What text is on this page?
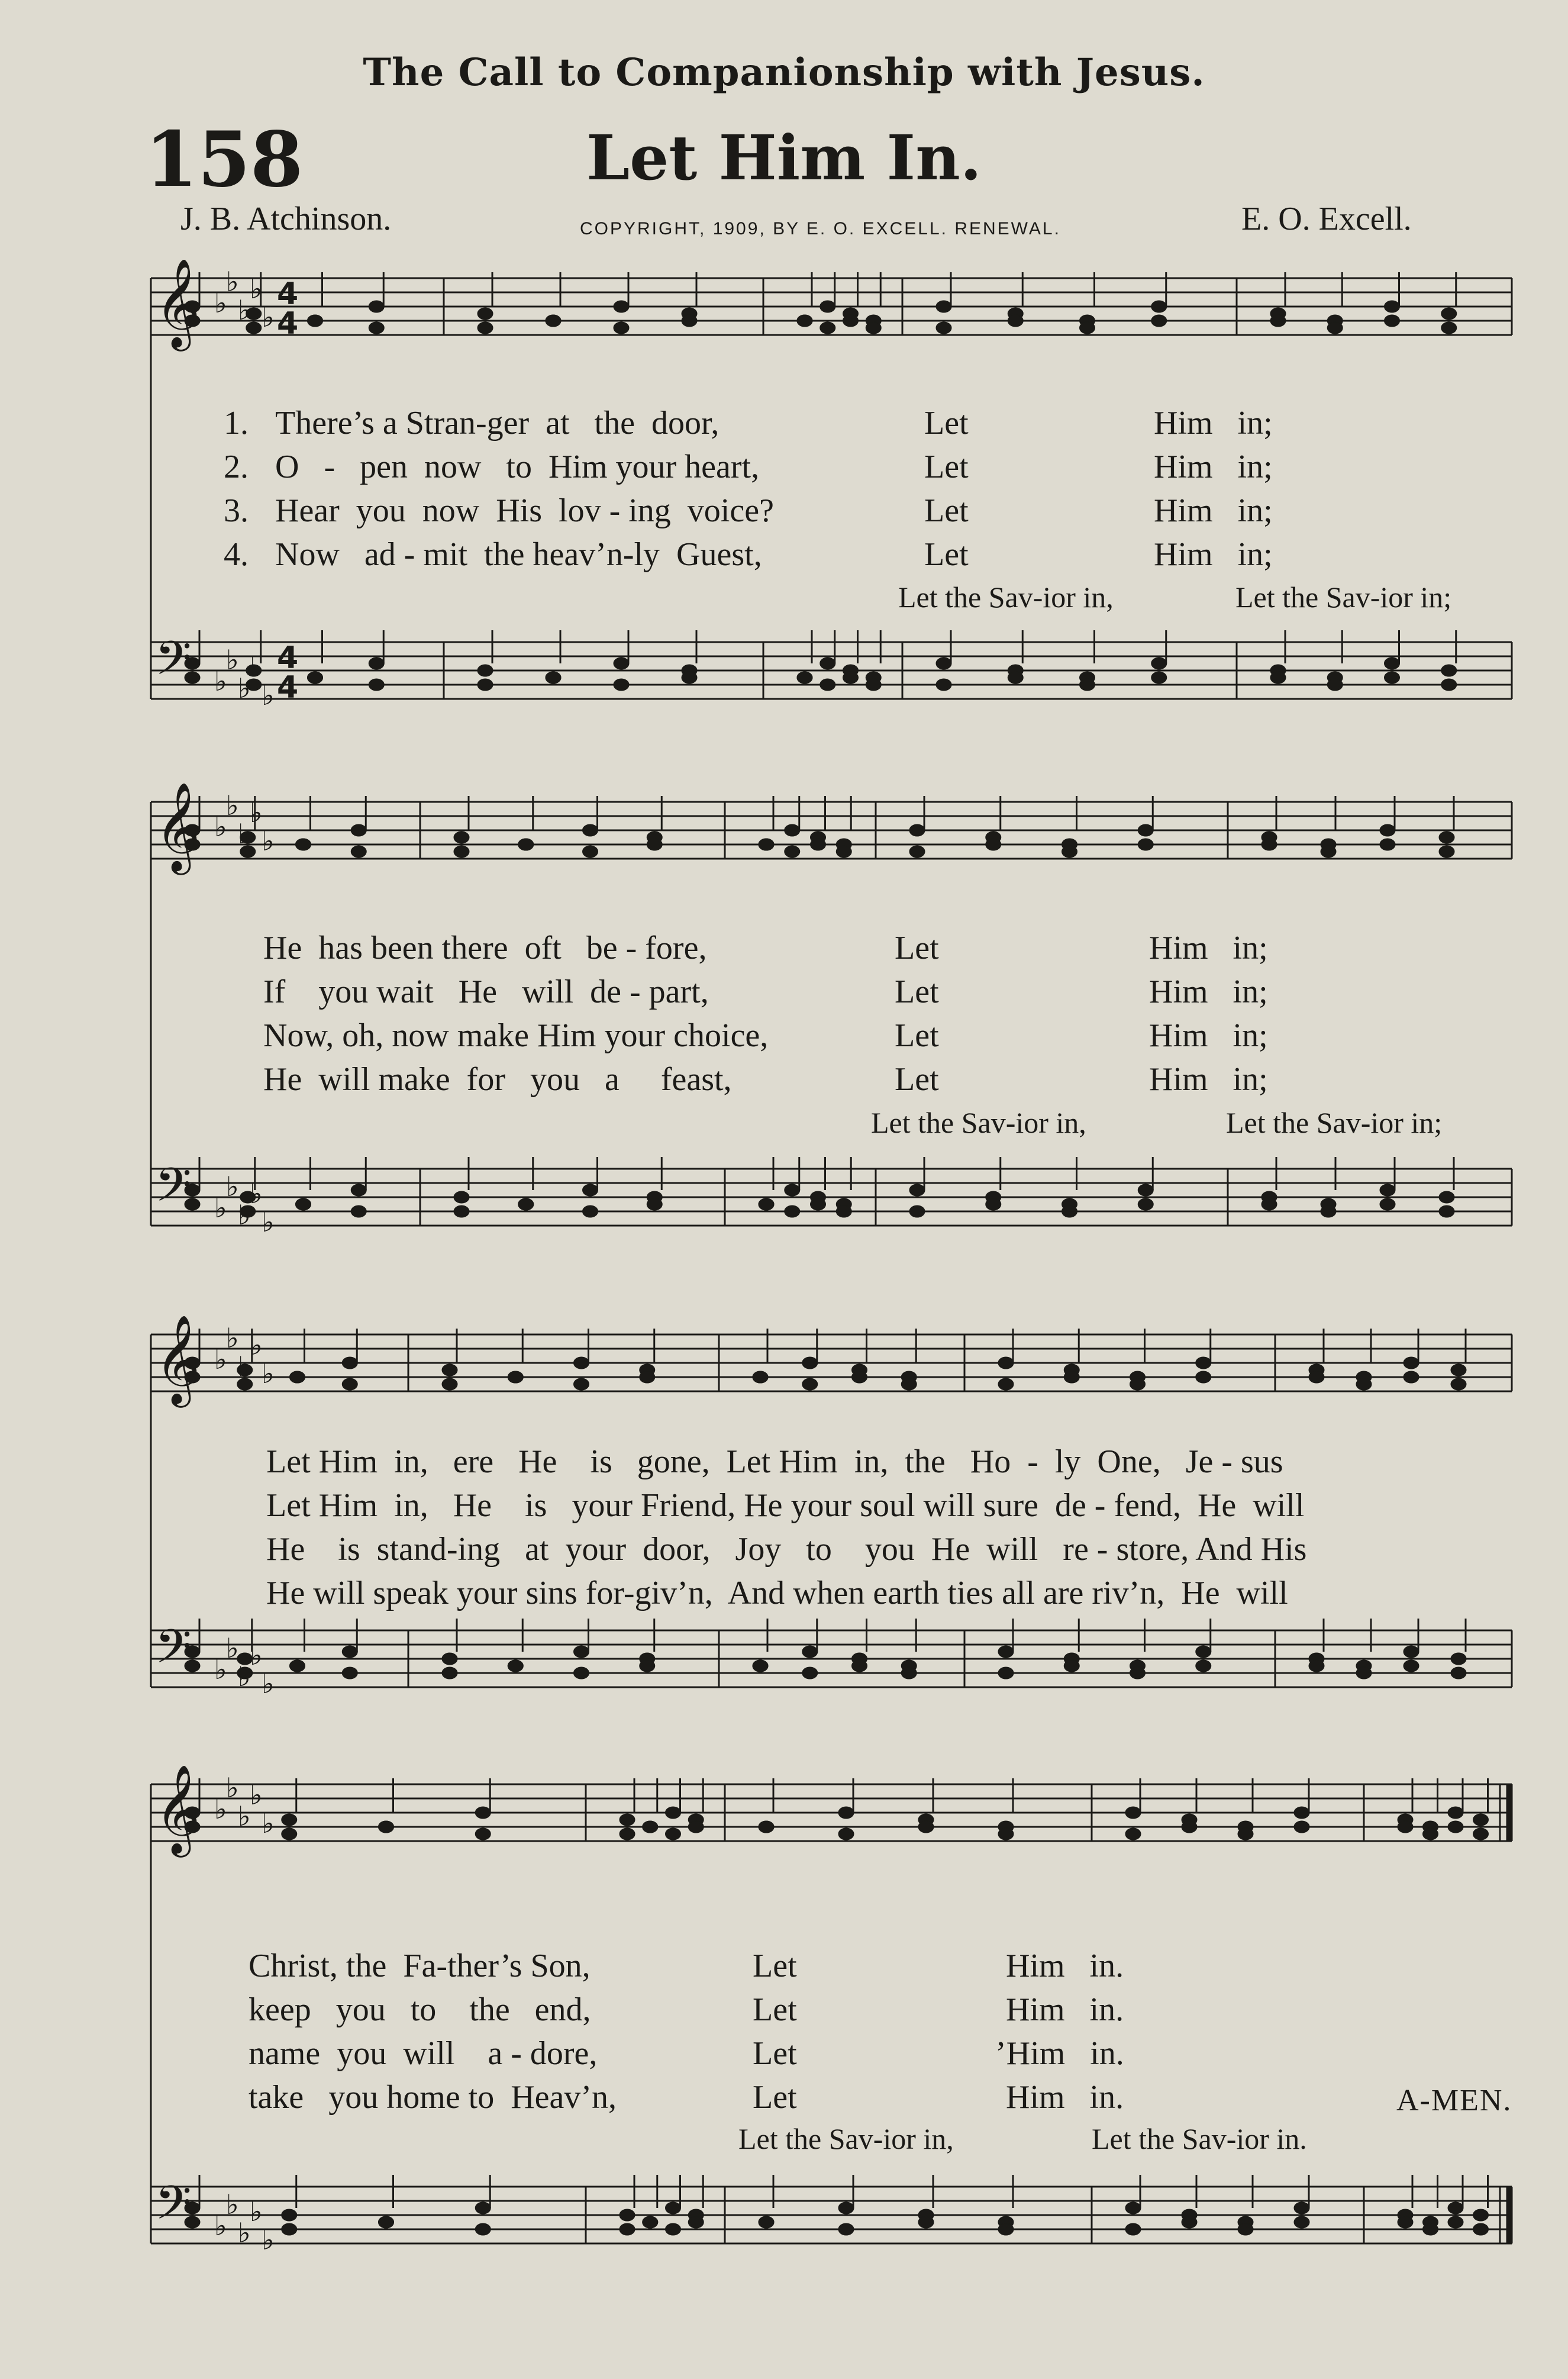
The Call to Companionship with Jesus.
158	Let Him In.
J. B. Atchinson.	COPYRIGHT, 1909, BY E. O. EXCELL. RENEWAL.	E. O. Excell.
𝄞 ♭
♭
♭
♭
♭
4
4
𝄢 ♭
♭
♭
♭
♭
4
4
𝄞 ♭
♭
♭
♭
♭
𝄢 ♭
♭
♭
♭
♭
𝄞 ♭
♭
♭
♭
♭
𝄢 ♭
♭
♭
♭
♭
𝄞 ♭
♭
♭
♭
♭
𝄢 ♭
♭
♭
♭
♭
1.
2.
3.
4.
There’s a Stran-ger  at   the  door,
O   -   pen  now   to  Him your heart,
Hear  you  now  His  lov - ing  voice?
Now   ad - mit  the heav’n-ly  Guest,
Let
Let
Let
Let
Him   in;
Him   in;
Him   in;
Him   in;
Let the Sav-ior in,	Let the Sav-ior in;
He  has been there  oft   be - fore,
If    you wait   He   will  de - part,
Now, oh, now make Him your choice,
He  will make  for   you   a     feast,
Let
Let
Let
Let
Him   in;
Him   in;
Him   in;
Him   in;
Let the Sav-ior in,	Let the Sav-ior in;
Let Him  in,   ere   He    is   gone,  Let Him  in,  the   Ho  -  ly  One,   Je - sus
Let Him  in,   He    is   your Friend, He your soul will sure  de - fend,  He  will
He    is  stand-ing   at  your  door,   Joy   to    you  He  will   re - store, And His
He will speak your sins for-giv’n,  And when earth ties all are riv’n,  He  will
Christ, the  Fa-ther’s Son,
keep   you   to    the   end,
name  you  will    a - dore,
take   you home to  Heav’n,
Let
Let
Let
Let
Him   in.
Him   in.
’Him   in.
Him   in.	A-MEN.
Let the Sav-ior in,	Let the Sav-ior in.
